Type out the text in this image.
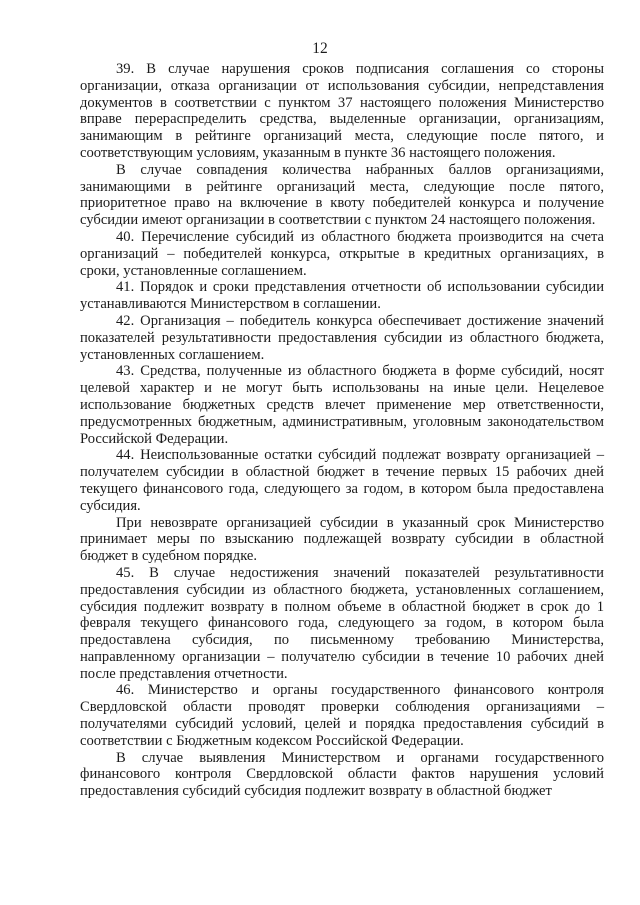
12

39. В случае нарушения сроков подписания соглашения со стороны организации, отказа организации от использования субсидии, непредставления документов в соответствии с пунктом 37 настоящего положения Министерство вправе перераспределить средства, выделенные организации, организациям, занимающим в рейтинге организаций места, следующие после пятого, и соответствующим условиям, указанным в пункте 36 настоящего положения.

В случае совпадения количества набранных баллов организациями, занимающими в рейтинге организаций места, следующие после пятого, приоритетное право на включение в квоту победителей конкурса и получение субсидии имеют организации в соответствии с пунктом 24 настоящего положения.

40. Перечисление субсидий из областного бюджета производится на счета организаций – победителей конкурса, открытые в кредитных организациях, в сроки, установленные соглашением.

41. Порядок и сроки представления отчетности об использовании субсидии устанавливаются Министерством в соглашении.

42. Организация – победитель конкурса обеспечивает достижение значений показателей результативности предоставления субсидии из областного бюджета, установленных соглашением.

43. Средства, полученные из областного бюджета в форме субсидий, носят целевой характер и не могут быть использованы на иные цели. Нецелевое использование бюджетных средств влечет применение мер ответственности, предусмотренных бюджетным, административным, уголовным законодательством Российской Федерации.

44. Неиспользованные остатки субсидий подлежат возврату организацией – получателем субсидии в областной бюджет в течение первых 15 рабочих дней текущего финансового года, следующего за годом, в котором была предоставлена субсидия.

При невозврате организацией субсидии в указанный срок Министерство принимает меры по взысканию подлежащей возврату субсидии в областной бюджет в судебном порядке.

45. В случае недостижения значений показателей результативности предоставления субсидии из областного бюджета, установленных соглашением, субсидия подлежит возврату в полном объеме в областной бюджет в срок до 1 февраля текущего финансового года, следующего за годом, в котором была предоставлена субсидия, по письменному требованию Министерства, направленному организации – получателю субсидии в течение 10 рабочих дней после представления отчетности.

46. Министерство и органы государственного финансового контроля Свердловской области проводят проверки соблюдения организациями – получателями субсидий условий, целей и порядка предоставления субсидий в соответствии с Бюджетным кодексом Российской Федерации.

В случае выявления Министерством и органами государственного финансового контроля Свердловской области фактов нарушения условий предоставления субсидий субсидия подлежит возврату в областной бюджет
